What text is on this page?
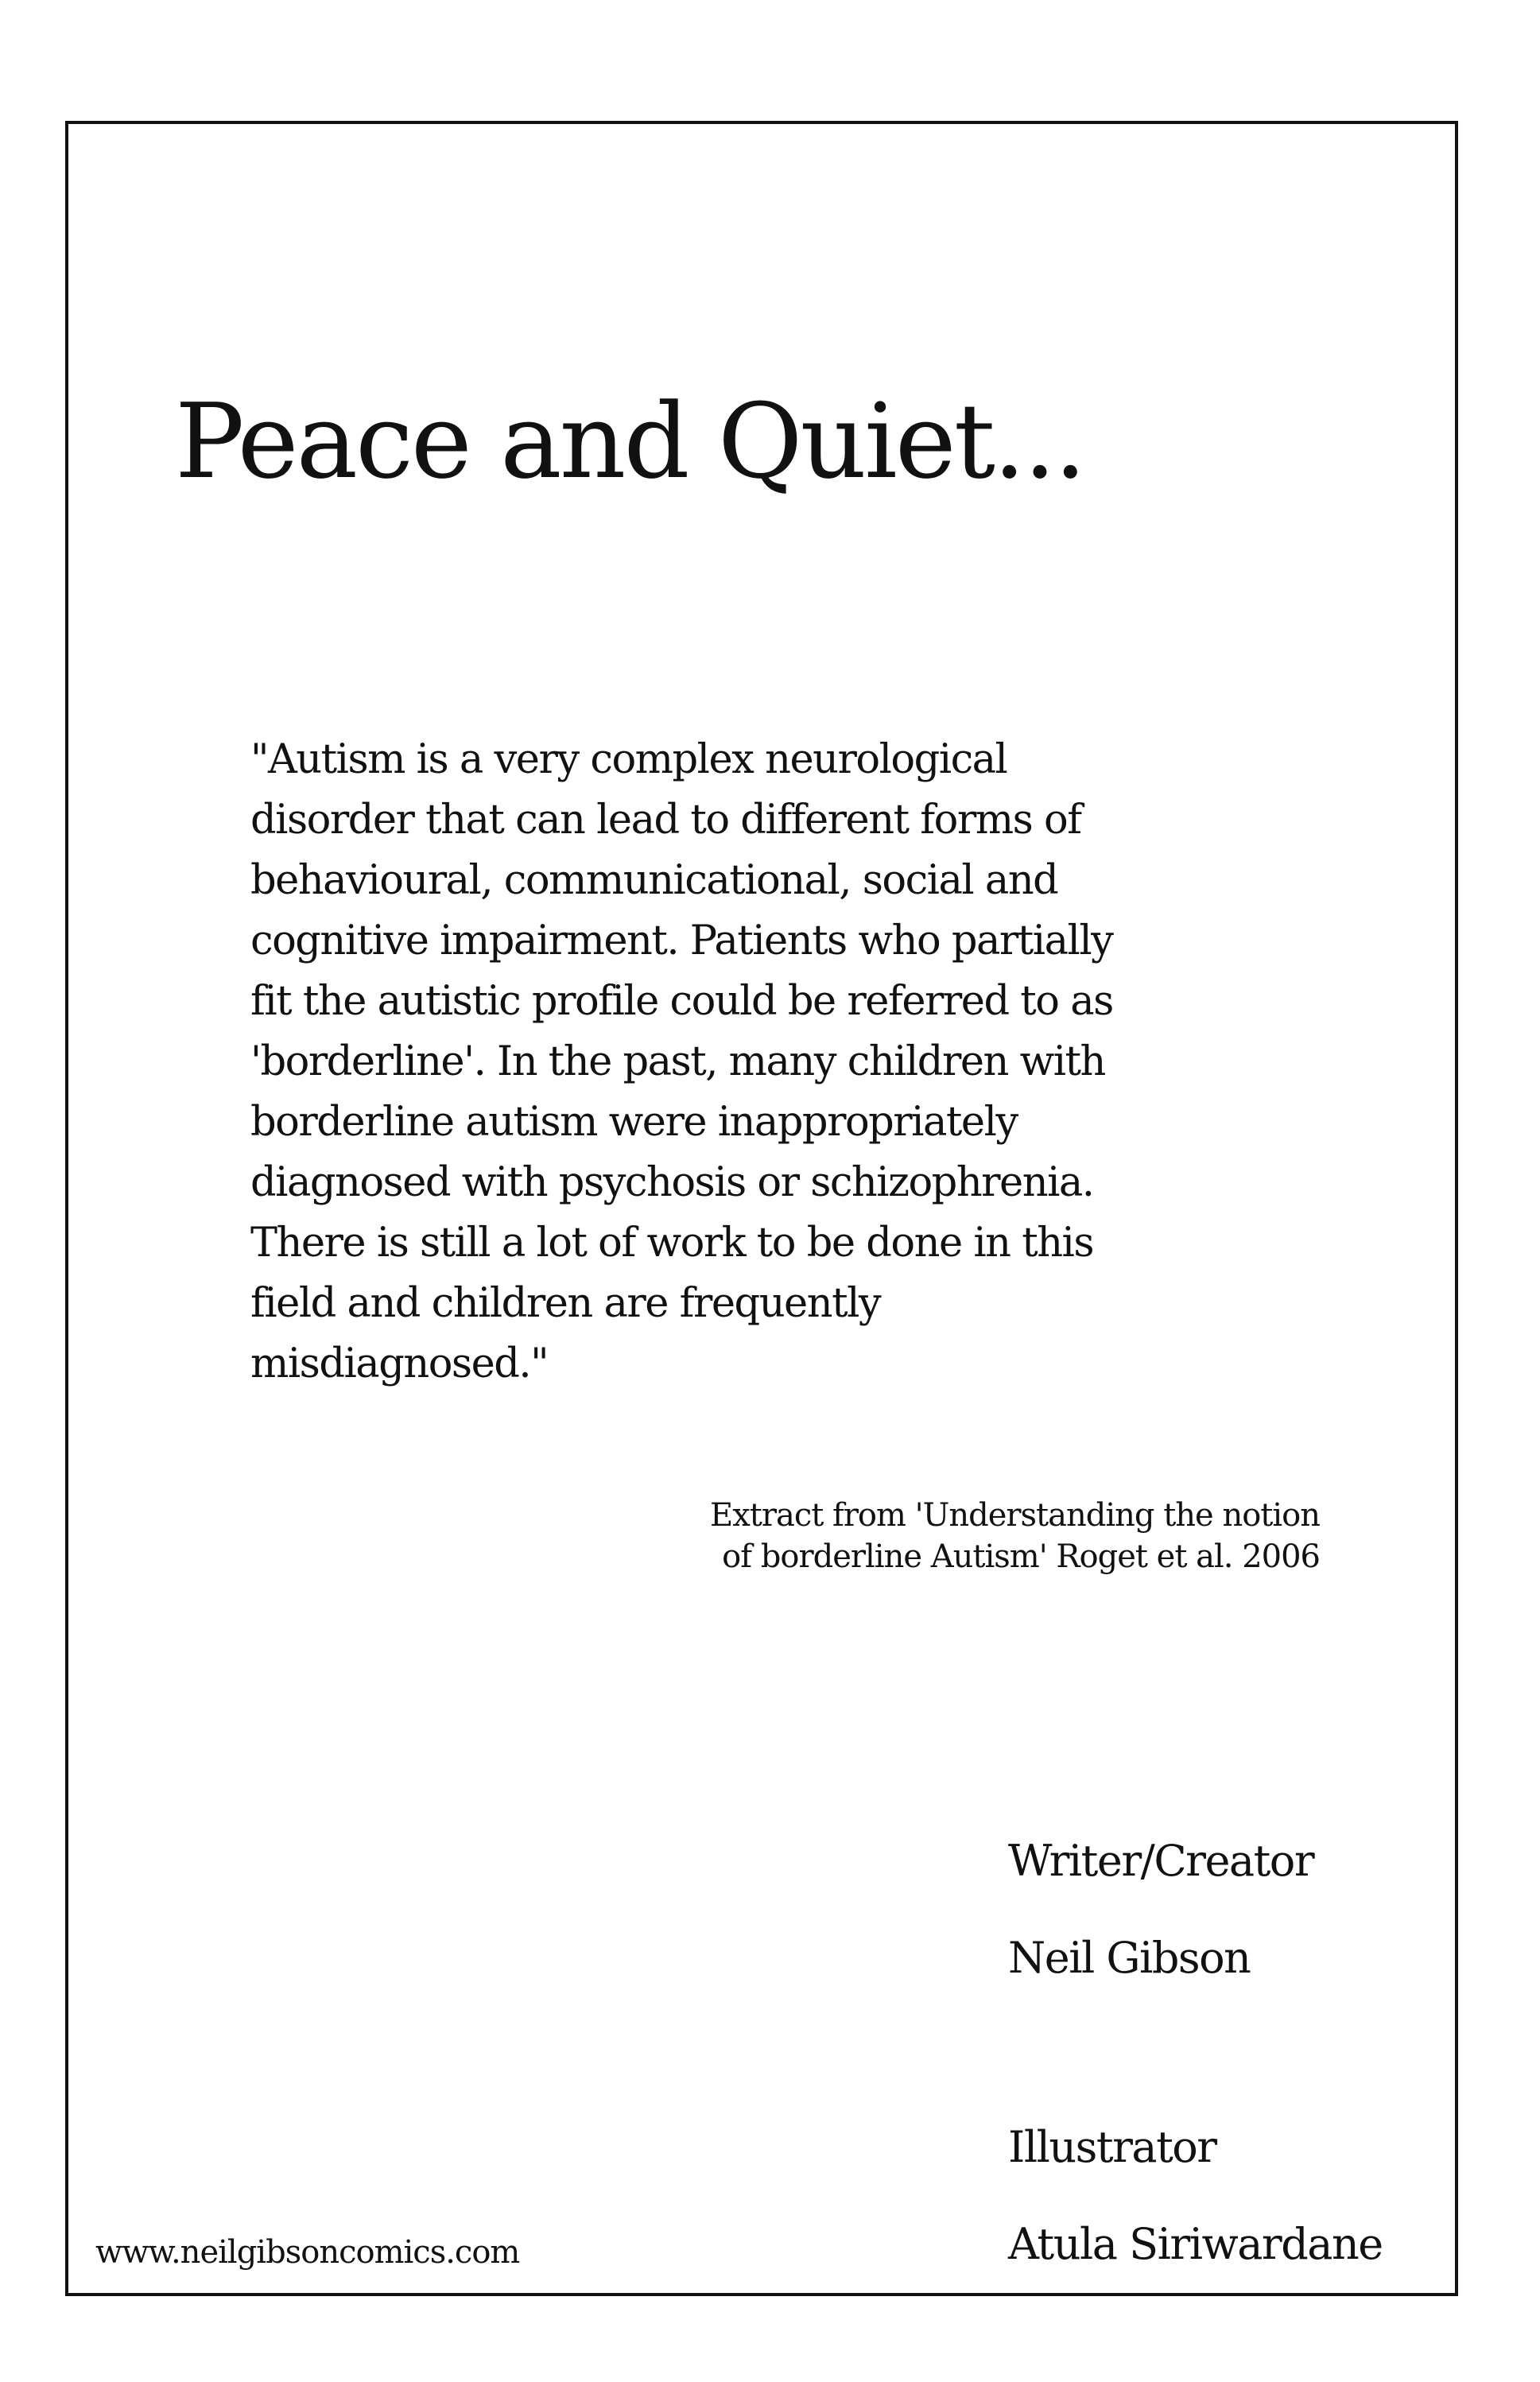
Peace and Quiet...

"Autism is a very complex neurological
disorder that can lead to different forms of
behavioural, communicational, social and
cognitive impairment. Patients who partially
fit the autistic profile could be referred to as
'borderline'. In the past, many children with
borderline autism were inappropriately
diagnosed with psychosis or schizophrenia.
There is still a lot of work to be done in this
field and children are frequently
misdiagnosed."

Extract from 'Understanding the notion
of borderline Autism' Roget et al. 2006
Writer/Creator
Neil Gibson
Illustrator
Atula Siriwardane
www.neilgibsoncomics.com
